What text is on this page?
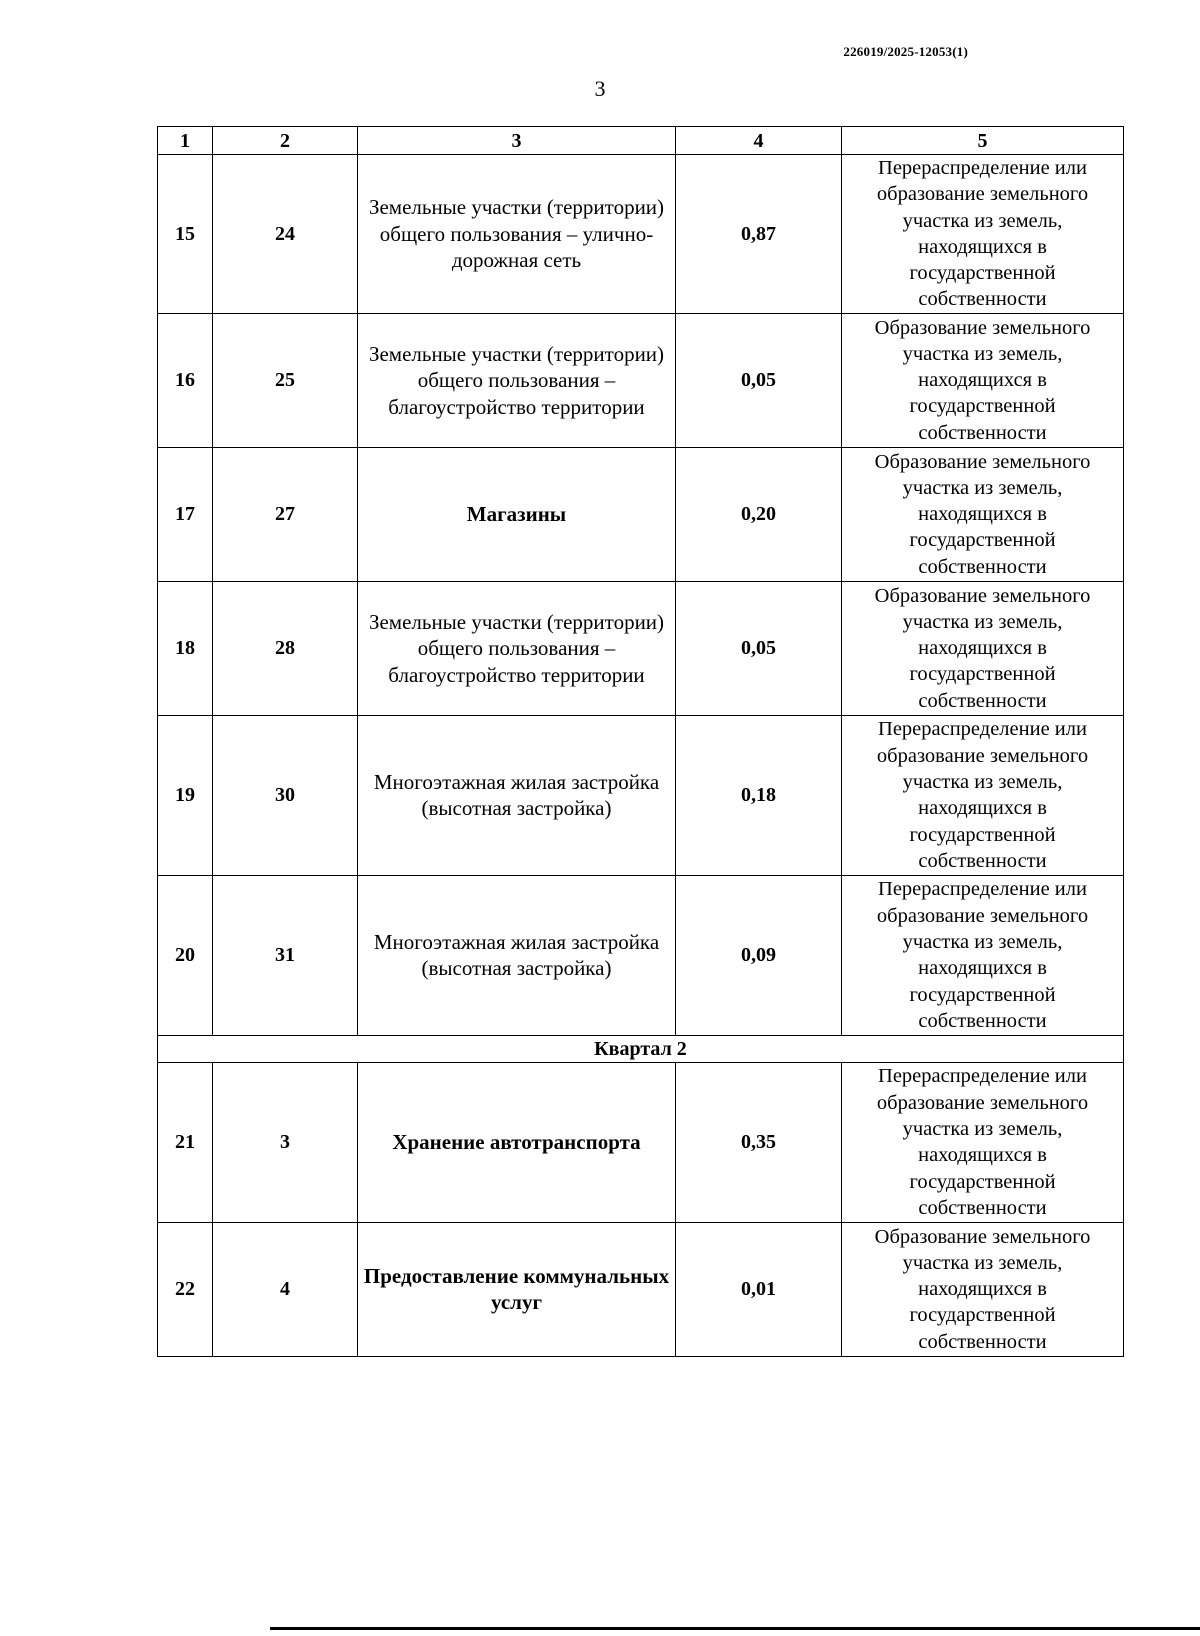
226019/2025-12053(1)
3
1	2	3	4	5
15	24	Земельные участки (территории) общего пользования – улично-дорожная сеть	0,87	Перераспределение или образование земельного участка из земель, находящихся в государственной собственности
16	25	Земельные участки (территории) общего пользования – благоустройство территории	0,05	Образование земельного участка из земель, находящихся в государственной собственности
17	27	Магазины	0,20	Образование земельного участка из земель, находящихся в государственной собственности
18	28	Земельные участки (территории) общего пользования – благоустройство территории	0,05	Образование земельного участка из земель, находящихся в государственной собственности
19	30	Многоэтажная жилая застройка (высотная застройка)	0,18	Перераспределение или образование земельного участка из земель, находящихся в государственной собственности
20	31	Многоэтажная жилая застройка (высотная застройка)	0,09	Перераспределение или образование земельного участка из земель, находящихся в государственной собственности
Квартал 2				
21	3	Хранение автотранспорта	0,35	Перераспределение или образование земельного участка из земель, находящихся в государственной собственности
22	4	Предоставление коммунальных услуг	0,01	Образование земельного участка из земель, находящихся в государственной собственности
